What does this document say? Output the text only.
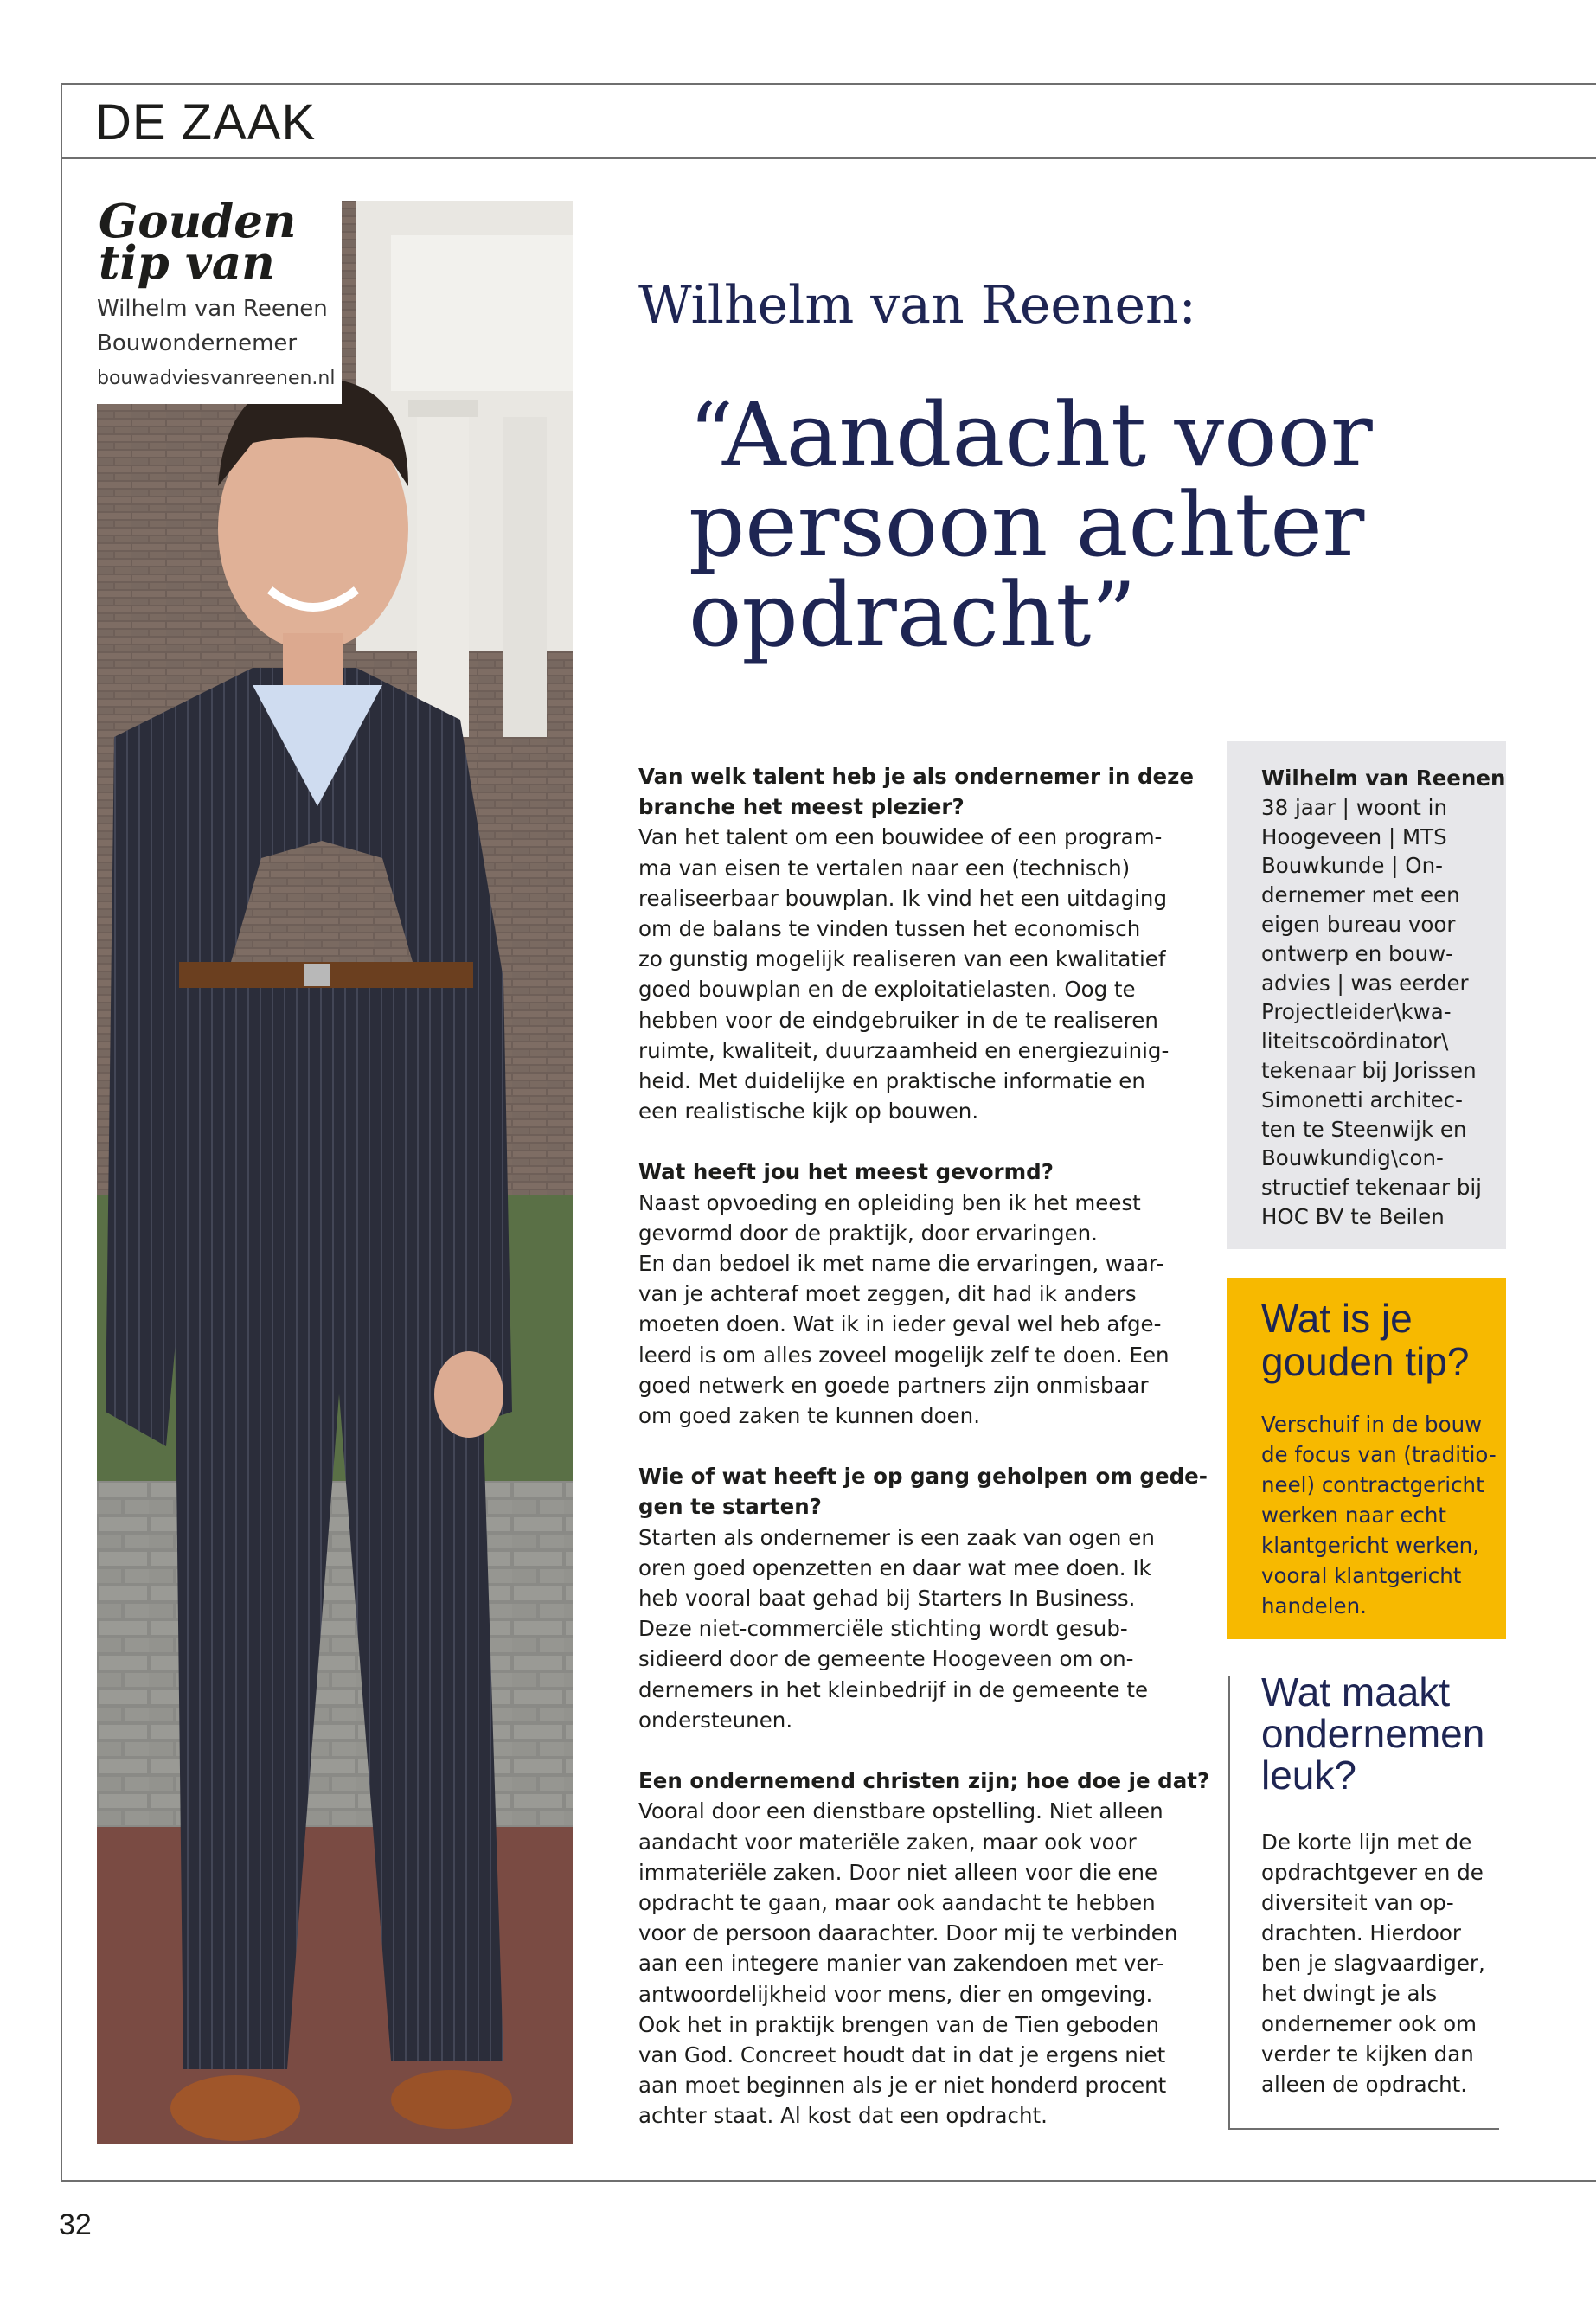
DE ZAAK
Gouden
tip van
Wilhelm van Reenen
Bouwondernemer
bouwadviesvanreenen.nl
Wilhelm van Reenen:
“Aandacht voor
persoon achter
opdracht”
Van welk talent heb je als ondernemer in deze
branche het meest plezier?
Van het talent om een bouwidee of een program-
ma van eisen te vertalen naar een (technisch)
realiseerbaar bouwplan. Ik vind het een uitdaging
om de balans te vinden tussen het economisch
zo gunstig mogelijk realiseren van een kwalitatief
goed bouwplan en de exploitatielasten. Oog te
hebben voor de eindgebruiker in de te realiseren
ruimte, kwaliteit, duurzaamheid en energiezuinig-
heid. Met duidelijke en praktische informatie en
een realistische kijk op bouwen.
Wat heeft jou het meest gevormd?
Naast opvoeding en opleiding ben ik het meest
gevormd door de praktijk, door ervaringen.
En dan bedoel ik met name die ervaringen, waar-
van je achteraf moet zeggen, dit had ik anders
moeten doen. Wat ik in ieder geval wel heb afge-
leerd is om alles zoveel mogelijk zelf te doen. Een
goed netwerk en goede partners zijn onmisbaar
om goed zaken te kunnen doen.
Wie of wat heeft je op gang geholpen om gede-
gen te starten?
Starten als ondernemer is een zaak van ogen en
oren goed openzetten en daar wat mee doen. Ik
heb vooral baat gehad bij Starters In Business.
Deze niet-commerciële stichting wordt gesub-
sidieerd door de gemeente Hoogeveen om on-
dernemers in het kleinbedrijf in de gemeente te
ondersteunen.
Een ondernemend christen zijn; hoe doe je dat?
Vooral door een dienstbare opstelling. Niet alleen
aandacht voor materiële zaken, maar ook voor
immateriële zaken. Door niet alleen voor die ene
opdracht te gaan, maar ook aandacht te hebben
voor de persoon daarachter. Door mij te verbinden
aan een integere manier van zakendoen met ver-
antwoordelijkheid voor mens, dier en omgeving.
Ook het in praktijk brengen van de Tien geboden
van God. Concreet houdt dat in dat je ergens niet
aan moet beginnen als je er niet honderd procent
achter staat. Al kost dat een opdracht.
Wilhelm van Reenen
38 jaar | woont in
Hoogeveen | MTS
Bouwkunde | On-
dernemer met een
eigen bureau voor
ontwerp en bouw-
advies | was eerder
Projectleider\kwa-
liteitscoördinator\
tekenaar bij Jorissen
Simonetti architec-
ten te Steenwijk en
Bouwkundig\con-
structief tekenaar bij
HOC BV te Beilen
Wat is je
gouden tip?
Verschuif in de bouw
de focus van (traditio-
neel) contractgericht
werken naar echt
klantgericht werken,
vooral klantgericht
handelen.
Wat maakt
ondernemen
leuk?
De korte lijn met de
opdrachtgever en de
diversiteit van op-
drachten. Hierdoor
ben je slagvaardiger,
het dwingt je als
ondernemer ook om
verder te kijken dan
alleen de opdracht.
32
